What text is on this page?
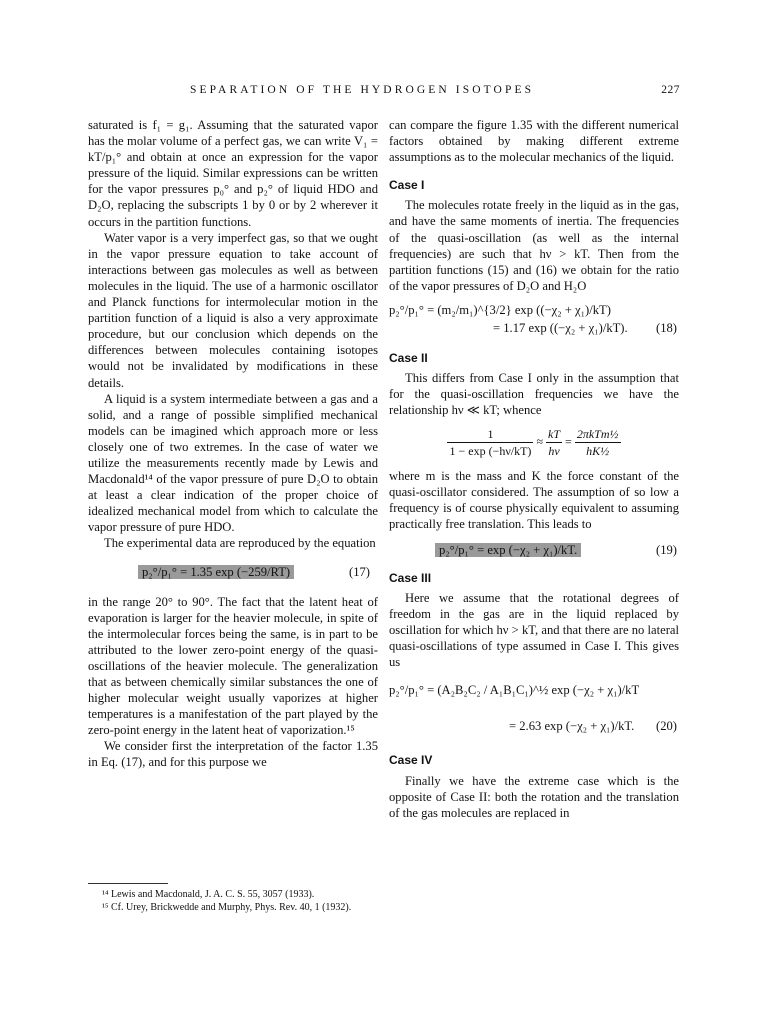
SEPARATION OF THE HYDROGEN ISOTOPES	227

saturated is f₁ = g₁. Assuming that the saturated vapor has the molar volume of a perfect gas, we can write V₁ = kT/p₁° and obtain at once an expression for the vapor pressure of the liquid. Similar expressions can be written for the vapor pressures p₀° and p₂° of liquid HDO and D₂O, replacing the subscripts 1 by 0 or by 2 wherever it occurs in the partition functions.

Water vapor is a very imperfect gas, so that we ought in the vapor pressure equation to take account of interactions between gas molecules as well as between molecules in the liquid. The use of a harmonic oscillator and Planck functions for intermolecular motion in the partition function of a liquid is also a very approximate procedure, but our conclusion which depends on the differences between molecules containing isotopes would not be invalidated by modifications in these details.

A liquid is a system intermediate between a gas and a solid, and a range of possible simplified mechanical models can be imagined which approach more or less closely one of two extremes. In the case of water we utilize the measurements recently made by Lewis and Macdonald¹⁴ of the vapor pressure of pure D₂O to obtain at least a clear indication of the proper choice of idealized mechanical model from which to calculate the vapor pressure of pure HDO.

The experimental data are reproduced by the equation

p₂°/p₁° = 1.35 exp (−259/RT)	(17)

in the range 20° to 90°. The fact that the latent heat of evaporation is larger for the heavier molecule, in spite of the intermolecular forces being the same, is in part to be attributed to the lower zero-point energy of the quasi-oscillations of the heavier molecule. The generalization that as between chemically similar substances the one of higher molecular weight usually vaporizes at higher temperatures is a manifestation of the part played by the zero-point energy in the latent heat of vaporization.¹⁵

We consider first the interpretation of the factor 1.35 in Eq. (17), and for this purpose we

¹⁴ Lewis and Macdonald, J. A. C. S. 55, 3057 (1933).

¹⁵ Cf. Urey, Brickwedde and Murphy, Phys. Rev. 40, 1 (1932).

can compare the figure 1.35 with the different numerical factors obtained by making different extreme assumptions as to the molecular mechanics of the liquid.

Case I

The molecules rotate freely in the liquid as in the gas, and have the same moments of inertia. The frequencies of the quasi-oscillation (as well as the internal frequencies) are such that hν > kT. Then from the partition functions (15) and (16) we obtain for the ratio of the vapor pressures of D₂O and H₂O

p₂°/p₁° = (m₂/m₁)^{3/2} exp ((−χ₂ + χ₁)/kT)
= 1.17 exp ((−χ₂ + χ₁)/kT). (18)

Case II

This differs from Case I only in the assumption that for the quasi-oscillation frequencies we have the relationship hν ≪ kT; whence

$\frac{1}{1 - \exp (-h\nu/kT)} \approx \frac{kT}{h\nu} = \frac{\text{2πkTm½}}{\text{hK½}}$

where m is the mass and K the force constant of the quasi-oscillator considered. The assumption of so low a frequency is of course physically equivalent to assuming practically free translation. This leads to

p₂°/p₁° = exp (−χ₂ + χ₁)/kT.	(19)

Case III

Here we assume that the rotational degrees of freedom in the gas are in the liquid replaced by oscillation for which hν > kT, and that there are no lateral quasi-oscillations of type assumed in Case I. This gives us

p₂°/p₁° = (A₂B₂C₂ / A₁B₁C₁)^½ exp (−χ₂ + χ₁)/kT
= 2.63 exp (−χ₂ + χ₁)/kT. (20)

Case IV

Finally we have the extreme case which is the opposite of Case II: both the rotation and the translation of the gas molecules are replaced in
